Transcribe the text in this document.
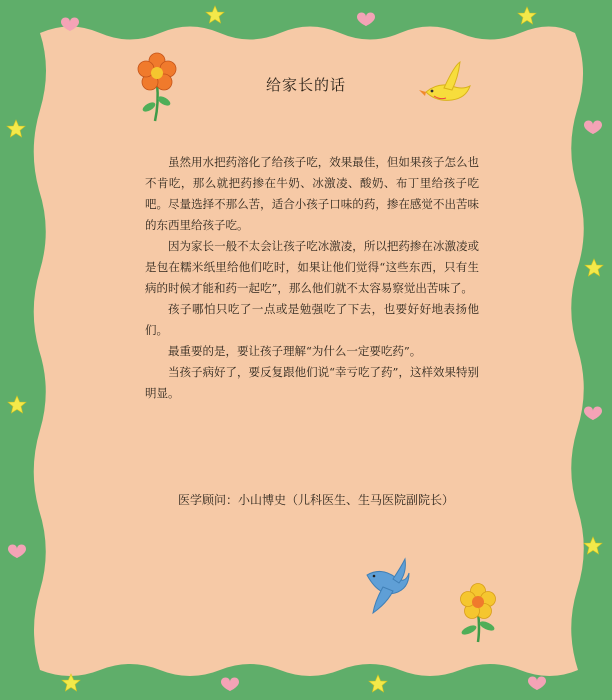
给家长的话

虽然用水把药溶化了给孩子吃，效果最佳，但如果孩子怎么也不肯吃，那么就把药掺在牛奶、冰激凌、酸奶、布丁里给孩子吃吧。尽量选择不那么苦，适合小孩子口味的药，掺在感觉不出苦味的东西里给孩子吃。

因为家长一般不太会让孩子吃冰激凌，所以把药掺在冰激凌或是包在糯米纸里给他们吃时，如果让他们觉得“这些东西，只有生病的时候才能和药一起吃”，那么他们就不太容易察觉出苦味了。

孩子哪怕只吃了一点或是勉强吃了下去，也要好好地表扬他们。

最重要的是，要让孩子理解“为什么一定要吃药”。

当孩子病好了，要反复跟他们说“幸亏吃了药”，这样效果特别明显。

医学顾问：小山博史（儿科医生、生马医院副院长）
